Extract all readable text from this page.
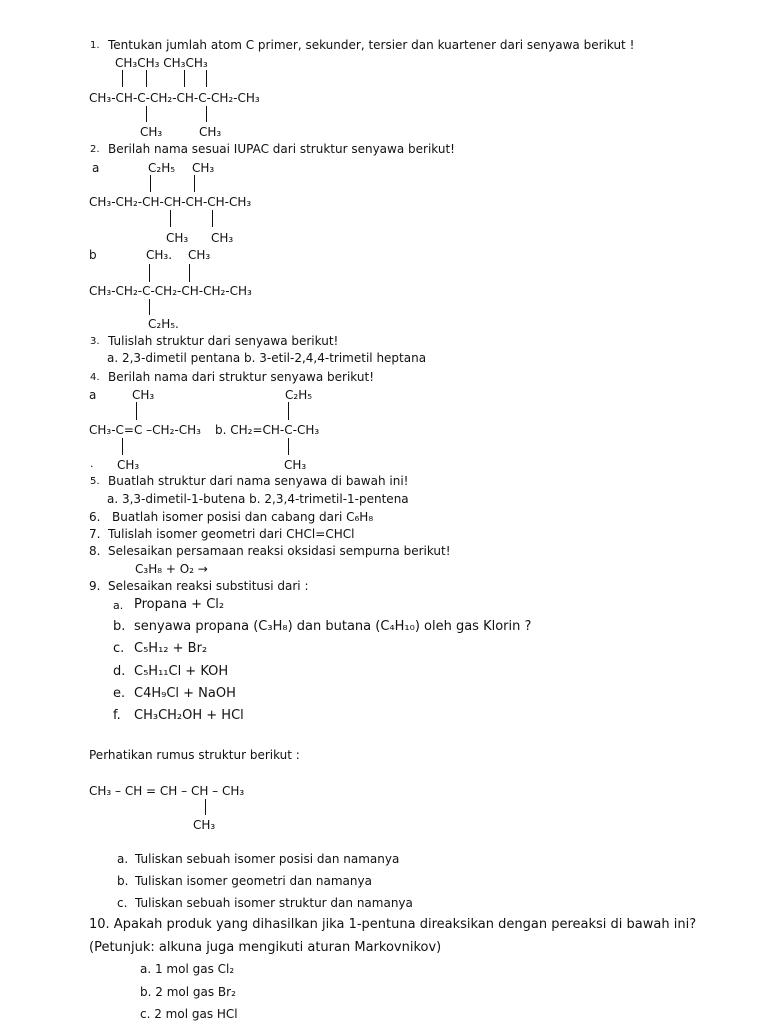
1. Tentukan jumlah atom C primer, sekunder, tersier dan kuartener dari senyawa berikut !
CH₃CH₃ CH₃CH₃
CH₃-CH-C-CH₂-CH-C-CH₂-CH₃
CH₃	CH₃
2. Berilah nama sesuai IUPAC dari struktur senyawa berikut!
a	C₂H₅ CH₃
CH₃-CH₂-CH-CH-CH-CH-CH₃
CH₃ CH₃
b	CH₃. CH₃
CH₃-CH₂-C-CH₂-CH-CH₂-CH₃
C₂H₅.
3. Tulislah struktur dari senyawa berikut!
a. 2,3-dimetil pentana b. 3-etil-2,4,4-trimetil heptana
4. Berilah nama dari struktur senyawa berikut!
a	CH₃	C₂H₅
CH₃-C=C –CH₂-CH₃ b. CH₂=CH-C-CH₃
. CH₃	CH₃
5. Buatlah struktur dari nama senyawa di bawah ini!
a. 3,3-dimetil-1-butena b. 2,3,4-trimetil-1-pentena
6. Buatlah isomer posisi dan cabang dari C₆H₈
7. Tulislah isomer geometri dari CHCl=CHCl
8. Selesaikan persamaan reaksi oksidasi sempurna berikut!
C₃H₈ + O₂ →
9. Selesaikan reaksi substitusi dari :
a. Propana + Cl₂
b. senyawa propana (C₃H₈) dan butana (C₄H₁₀) oleh gas Klorin ?
c. C₅H₁₂ + Br₂
d. C₅H₁₁Cl + KOH
e. C4H₉Cl + NaOH
f. CH₃CH₂OH + HCl
Perhatikan rumus struktur berikut :
CH₃ – CH = CH – CH – CH₃
CH₃
a. Tuliskan sebuah isomer posisi dan namanya
b. Tuliskan isomer geometri dan namanya
c. Tuliskan sebuah isomer struktur dan namanya
10. Apakah produk yang dihasilkan jika 1-pentuna direaksikan dengan pereaksi di bawah ini?
(Petunjuk: alkuna juga mengikuti aturan Markovnikov)
a. 1 mol gas Cl₂
b. 2 mol gas Br₂
c. 2 mol gas HCl
